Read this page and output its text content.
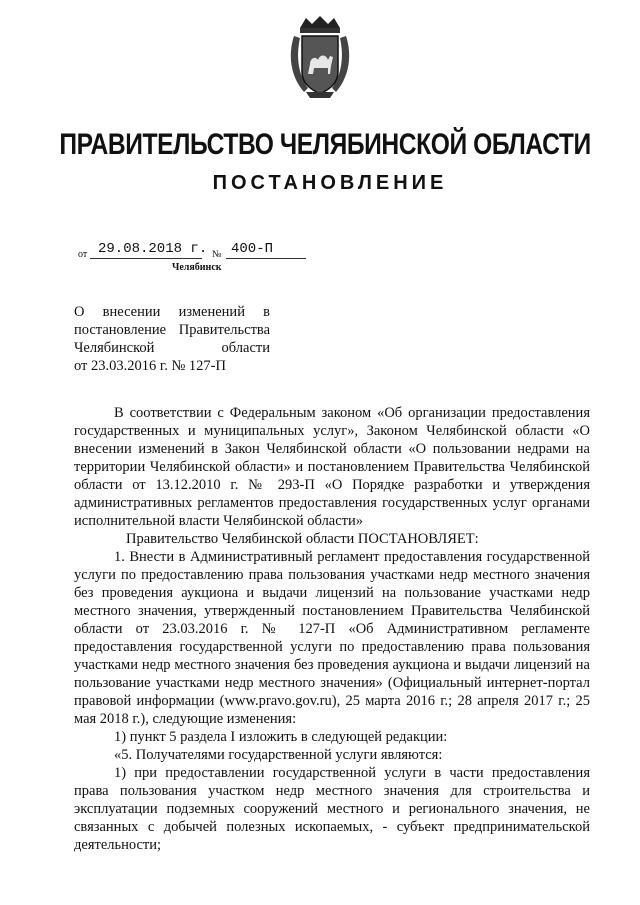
ПРАВИТЕЛЬСТВО ЧЕЛЯБИНСКОЙ ОБЛАСТИ
ПОСТАНОВЛЕНИЕ
от 29.08.2018 г. № 400-П
Челябинск
О внесении изменений в
постановление Правительства
Челябинской	области
от 23.03.2016 г. № 127-П

В соответствии с Федеральным законом «Об организации предоставления государственных и муниципальных услуг», Законом Челябинской области «О внесении изменений в Закон Челябинской области «О пользовании недрами на территории Челябинской области» и постановлением Правительства Челябинской области от 13.12.2010 г. № 293-П «О Порядке разработки и утверждения административных регламентов предоставления государственных услуг органами исполнительной власти Челябинской области»

Правительство Челябинской области ПОСТАНОВЛЯЕТ:

1. Внести в Административный регламент предоставления государственной услуги по предоставлению права пользования участками недр местного значения без проведения аукциона и выдачи лицензий на пользование участками недр местного значения, утвержденный постановлением Правительства Челябинской области от 23.03.2016 г. № 127-П «Об Административном регламенте предоставления государственной услуги по предоставлению права пользования участками недр местного значения без проведения аукциона и выдачи лицензий на пользование участками недр местного значения» (Официальный интернет-портал правовой информации (www.pravo.gov.ru), 25 марта 2016 г.; 28 апреля 2017 г.; 25 мая 2018 г.), следующие изменения:

1) пункт 5 раздела I изложить в следующей редакции:

«5. Получателями государственной услуги являются:

1) при предоставлении государственной услуги в части предоставления права пользования участком недр местного значения для строительства и эксплуатации подземных сооружений местного и регионального значения, не связанных с добычей полезных ископаемых, - субъект предпринимательской деятельности;
